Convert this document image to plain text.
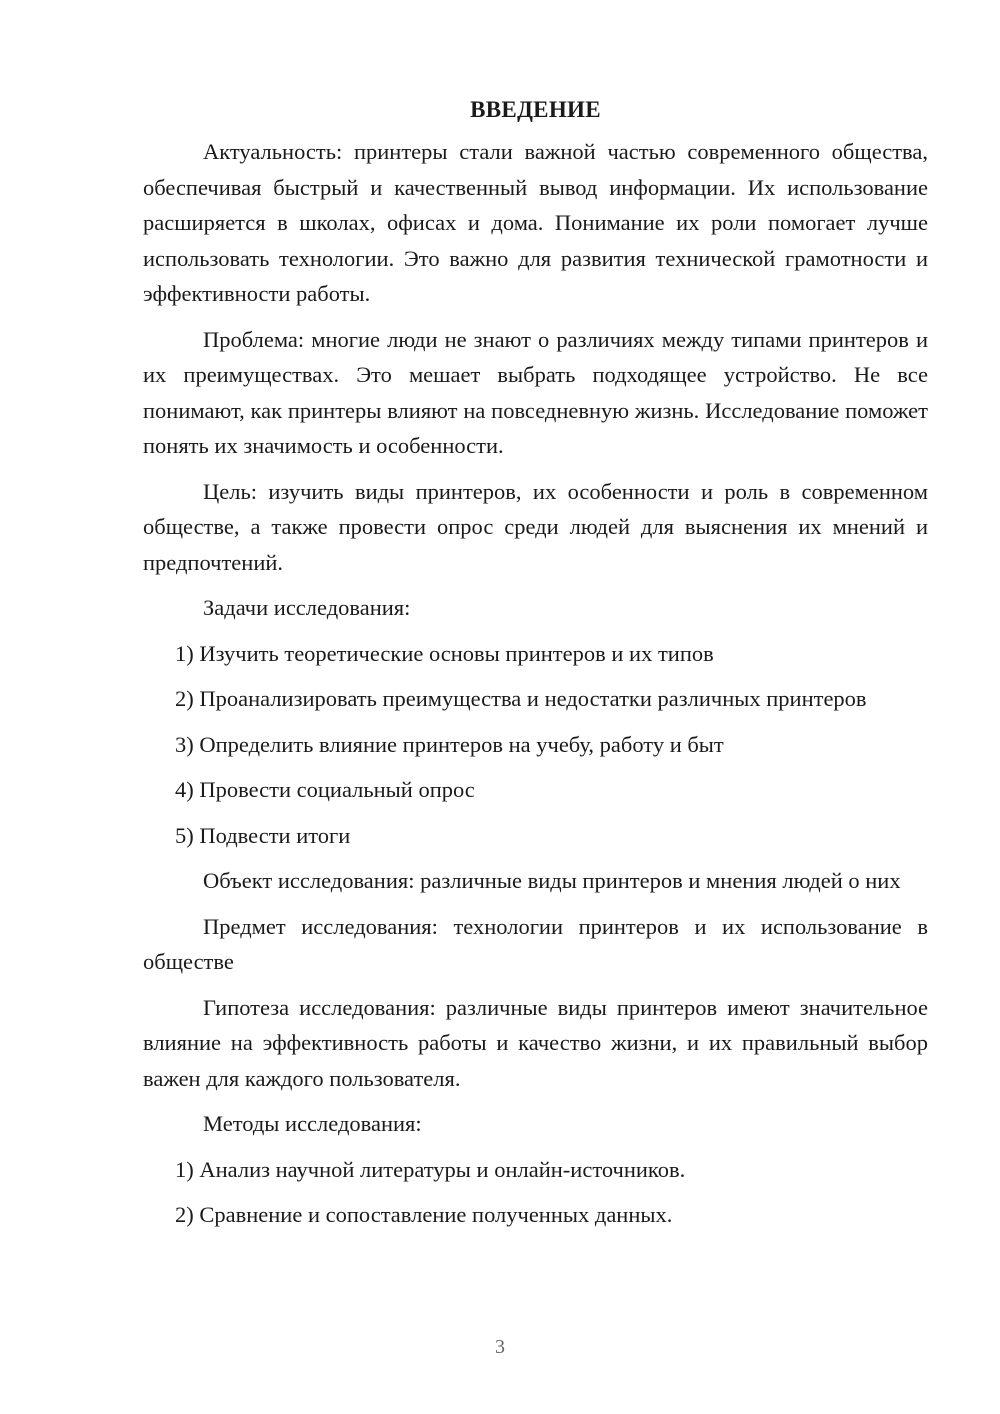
ВВЕДЕНИЕ

Актуальность: принтеры стали важной частью современного общества, обеспечивая быстрый и качественный вывод информации. Их использование расширяется в школах, офисах и дома. Понимание их роли помогает лучше использовать технологии. Это важно для развития технической грамотности и эффективности работы.

Проблема: многие люди не знают о различиях между типами принтеров и их преимуществах. Это мешает выбрать подходящее устройство. Не все понимают, как принтеры влияют на повседневную жизнь. Исследование поможет понять их значимость и особенности.

Цель: изучить виды принтеров, их особенности и роль в современном обществе, а также провести опрос среди людей для выяснения их мнений и предпочтений.

Задачи исследования:

1) Изучить теоретические основы принтеров и их типов

2) Проанализировать преимущества и недостатки различных принтеров

3) Определить влияние принтеров на учебу, работу и быт

4) Провести социальный опрос

5) Подвести итоги

Объект исследования: различные виды принтеров и мнения людей о них

Предмет исследования: технологии принтеров и их использование в обществе

Гипотеза исследования: различные виды принтеров имеют значительное влияние на эффективность работы и качество жизни, и их правильный выбор важен для каждого пользователя.

Методы исследования:

1) Анализ научной литературы и онлайн-источников.

2) Сравнение и сопоставление полученных данных.

3
